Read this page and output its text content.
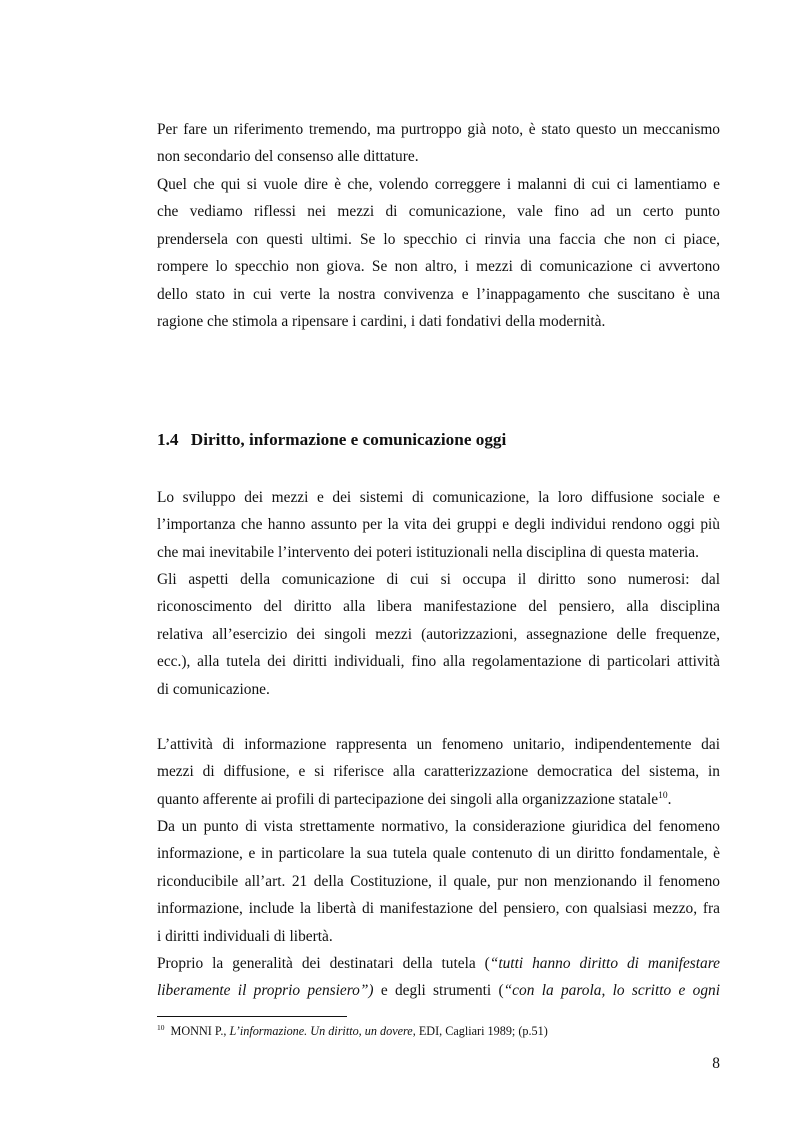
Per fare un riferimento tremendo, ma purtroppo già noto, è stato questo un meccanismo
non secondario del consenso alle dittature.

Quel che qui si vuole dire è che, volendo correggere i malanni di cui ci lamentiamo e
che vediamo riflessi nei mezzi di comunicazione, vale fino ad un certo punto
prendersela con questi ultimi. Se lo specchio ci rinvia una faccia che non ci piace,
rompere lo specchio non giova. Se non altro, i mezzi di comunicazione ci avvertono
dello stato in cui verte la nostra convivenza e l’inappagamento che suscitano è una
ragione che stimola a ripensare i cardini, i dati fondativi della modernità.

1.4 Diritto, informazione e comunicazione oggi

Lo sviluppo dei mezzi e dei sistemi di comunicazione, la loro diffusione sociale e
l’importanza che hanno assunto per la vita dei gruppi e degli individui rendono oggi più
che mai inevitabile l’intervento dei poteri istituzionali nella disciplina di questa materia.

Gli aspetti della comunicazione di cui si occupa il diritto sono numerosi: dal
riconoscimento del diritto alla libera manifestazione del pensiero, alla disciplina
relativa all’esercizio dei singoli mezzi (autorizzazioni, assegnazione delle frequenze,
ecc.), alla tutela dei diritti individuali, fino alla regolamentazione di particolari attività
di comunicazione.

L’attività di informazione rappresenta un fenomeno unitario, indipendentemente dai
mezzi di diffusione, e si riferisce alla caratterizzazione democratica del sistema, in
quanto afferente ai profili di partecipazione dei singoli alla organizzazione statale$^{10}$.

Da un punto di vista strettamente normativo, la considerazione giuridica del fenomeno
informazione, e in particolare la sua tutela quale contenuto di un diritto fondamentale, è
riconducibile all’art. 21 della Costituzione, il quale, pur non menzionando il fenomeno
informazione, include la libertà di manifestazione del pensiero, con qualsiasi mezzo, fra
i diritti individuali di libertà.

Proprio la generalità dei destinatari della tutela (“tutti hanno diritto di manifestare
liberamente il proprio pensiero”) e degli strumenti (“con la parola, lo scritto e ogni

$^{10}$ MONNI P., L’informazione. Un diritto, un dovere, EDI, Cagliari 1989; (p.51)

8
